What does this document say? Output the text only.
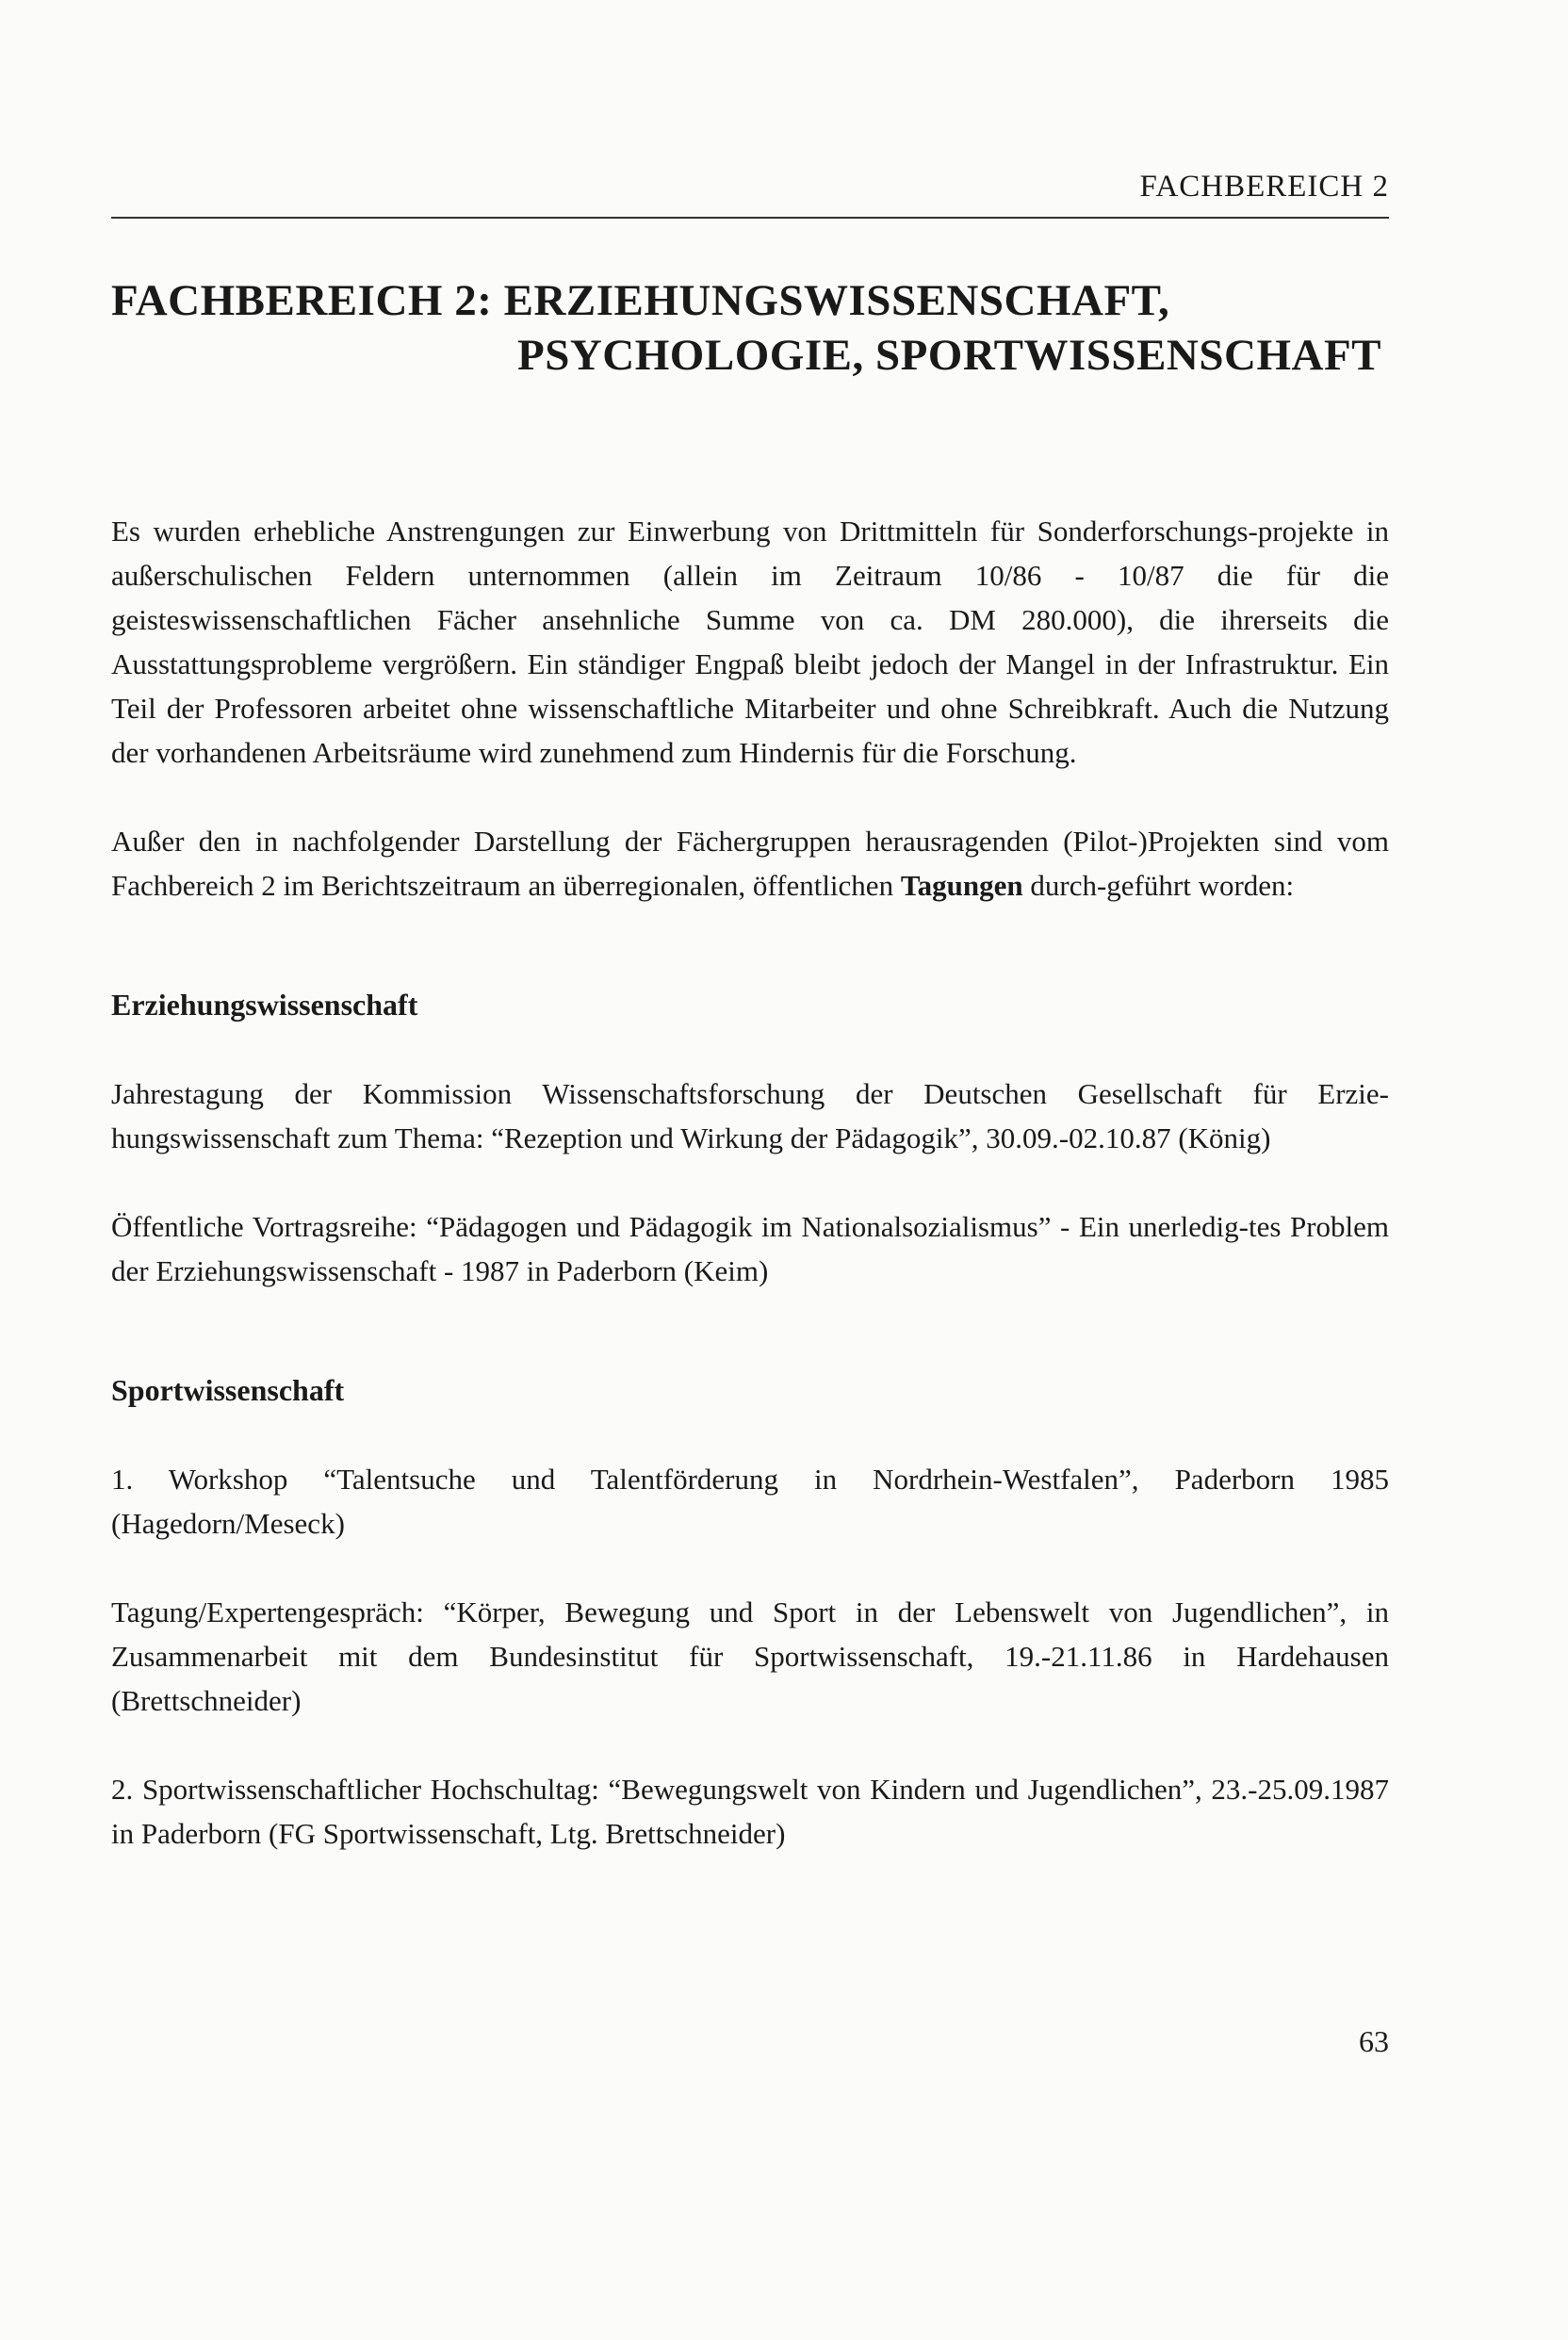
FACHBEREICH 2

FACHBEREICH 2: ERZIEHUNGSWISSENSCHAFT,
PSYCHOLOGIE, SPORTWISSENSCHAFT

Es wurden erhebliche Anstrengungen zur Einwerbung von Drittmitteln für Sonderforschungs-projekte in außerschulischen Feldern unternommen (allein im Zeitraum 10/86 - 10/87 die für die geisteswissenschaftlichen Fächer ansehnliche Summe von ca. DM 280.000), die ihrerseits die Ausstattungsprobleme vergrößern. Ein ständiger Engpaß bleibt jedoch der Mangel in der Infrastruktur. Ein Teil der Professoren arbeitet ohne wissenschaftliche Mitarbeiter und ohne Schreibkraft. Auch die Nutzung der vorhandenen Arbeitsräume wird zunehmend zum Hindernis für die Forschung.

Außer den in nachfolgender Darstellung der Fächergruppen herausragenden (Pilot-)Projekten sind vom Fachbereich 2 im Berichtszeitraum an überregionalen, öffentlichen Tagungen durch-geführt worden:

Erziehungswissenschaft

Jahrestagung der Kommission Wissenschaftsforschung der Deutschen Gesellschaft für Erzie-hungswissenschaft zum Thema: “Rezeption und Wirkung der Pädagogik”, 30.09.-02.10.87 (König)

Öffentliche Vortragsreihe: “Pädagogen und Pädagogik im Nationalsozialismus” - Ein unerledig-tes Problem der Erziehungswissenschaft - 1987 in Paderborn (Keim)

Sportwissenschaft

1. Workshop “Talentsuche und Talentförderung in Nordrhein-Westfalen”, Paderborn 1985 (Hagedorn/Meseck)

Tagung/Expertengespräch: “Körper, Bewegung und Sport in der Lebenswelt von Jugendlichen”, in Zusammenarbeit mit dem Bundesinstitut für Sportwissenschaft, 19.-21.11.86 in Hardehausen (Brettschneider)

2. Sportwissenschaftlicher Hochschultag: “Bewegungswelt von Kindern und Jugendlichen”, 23.-25.09.1987 in Paderborn (FG Sportwissenschaft, Ltg. Brettschneider)

63
